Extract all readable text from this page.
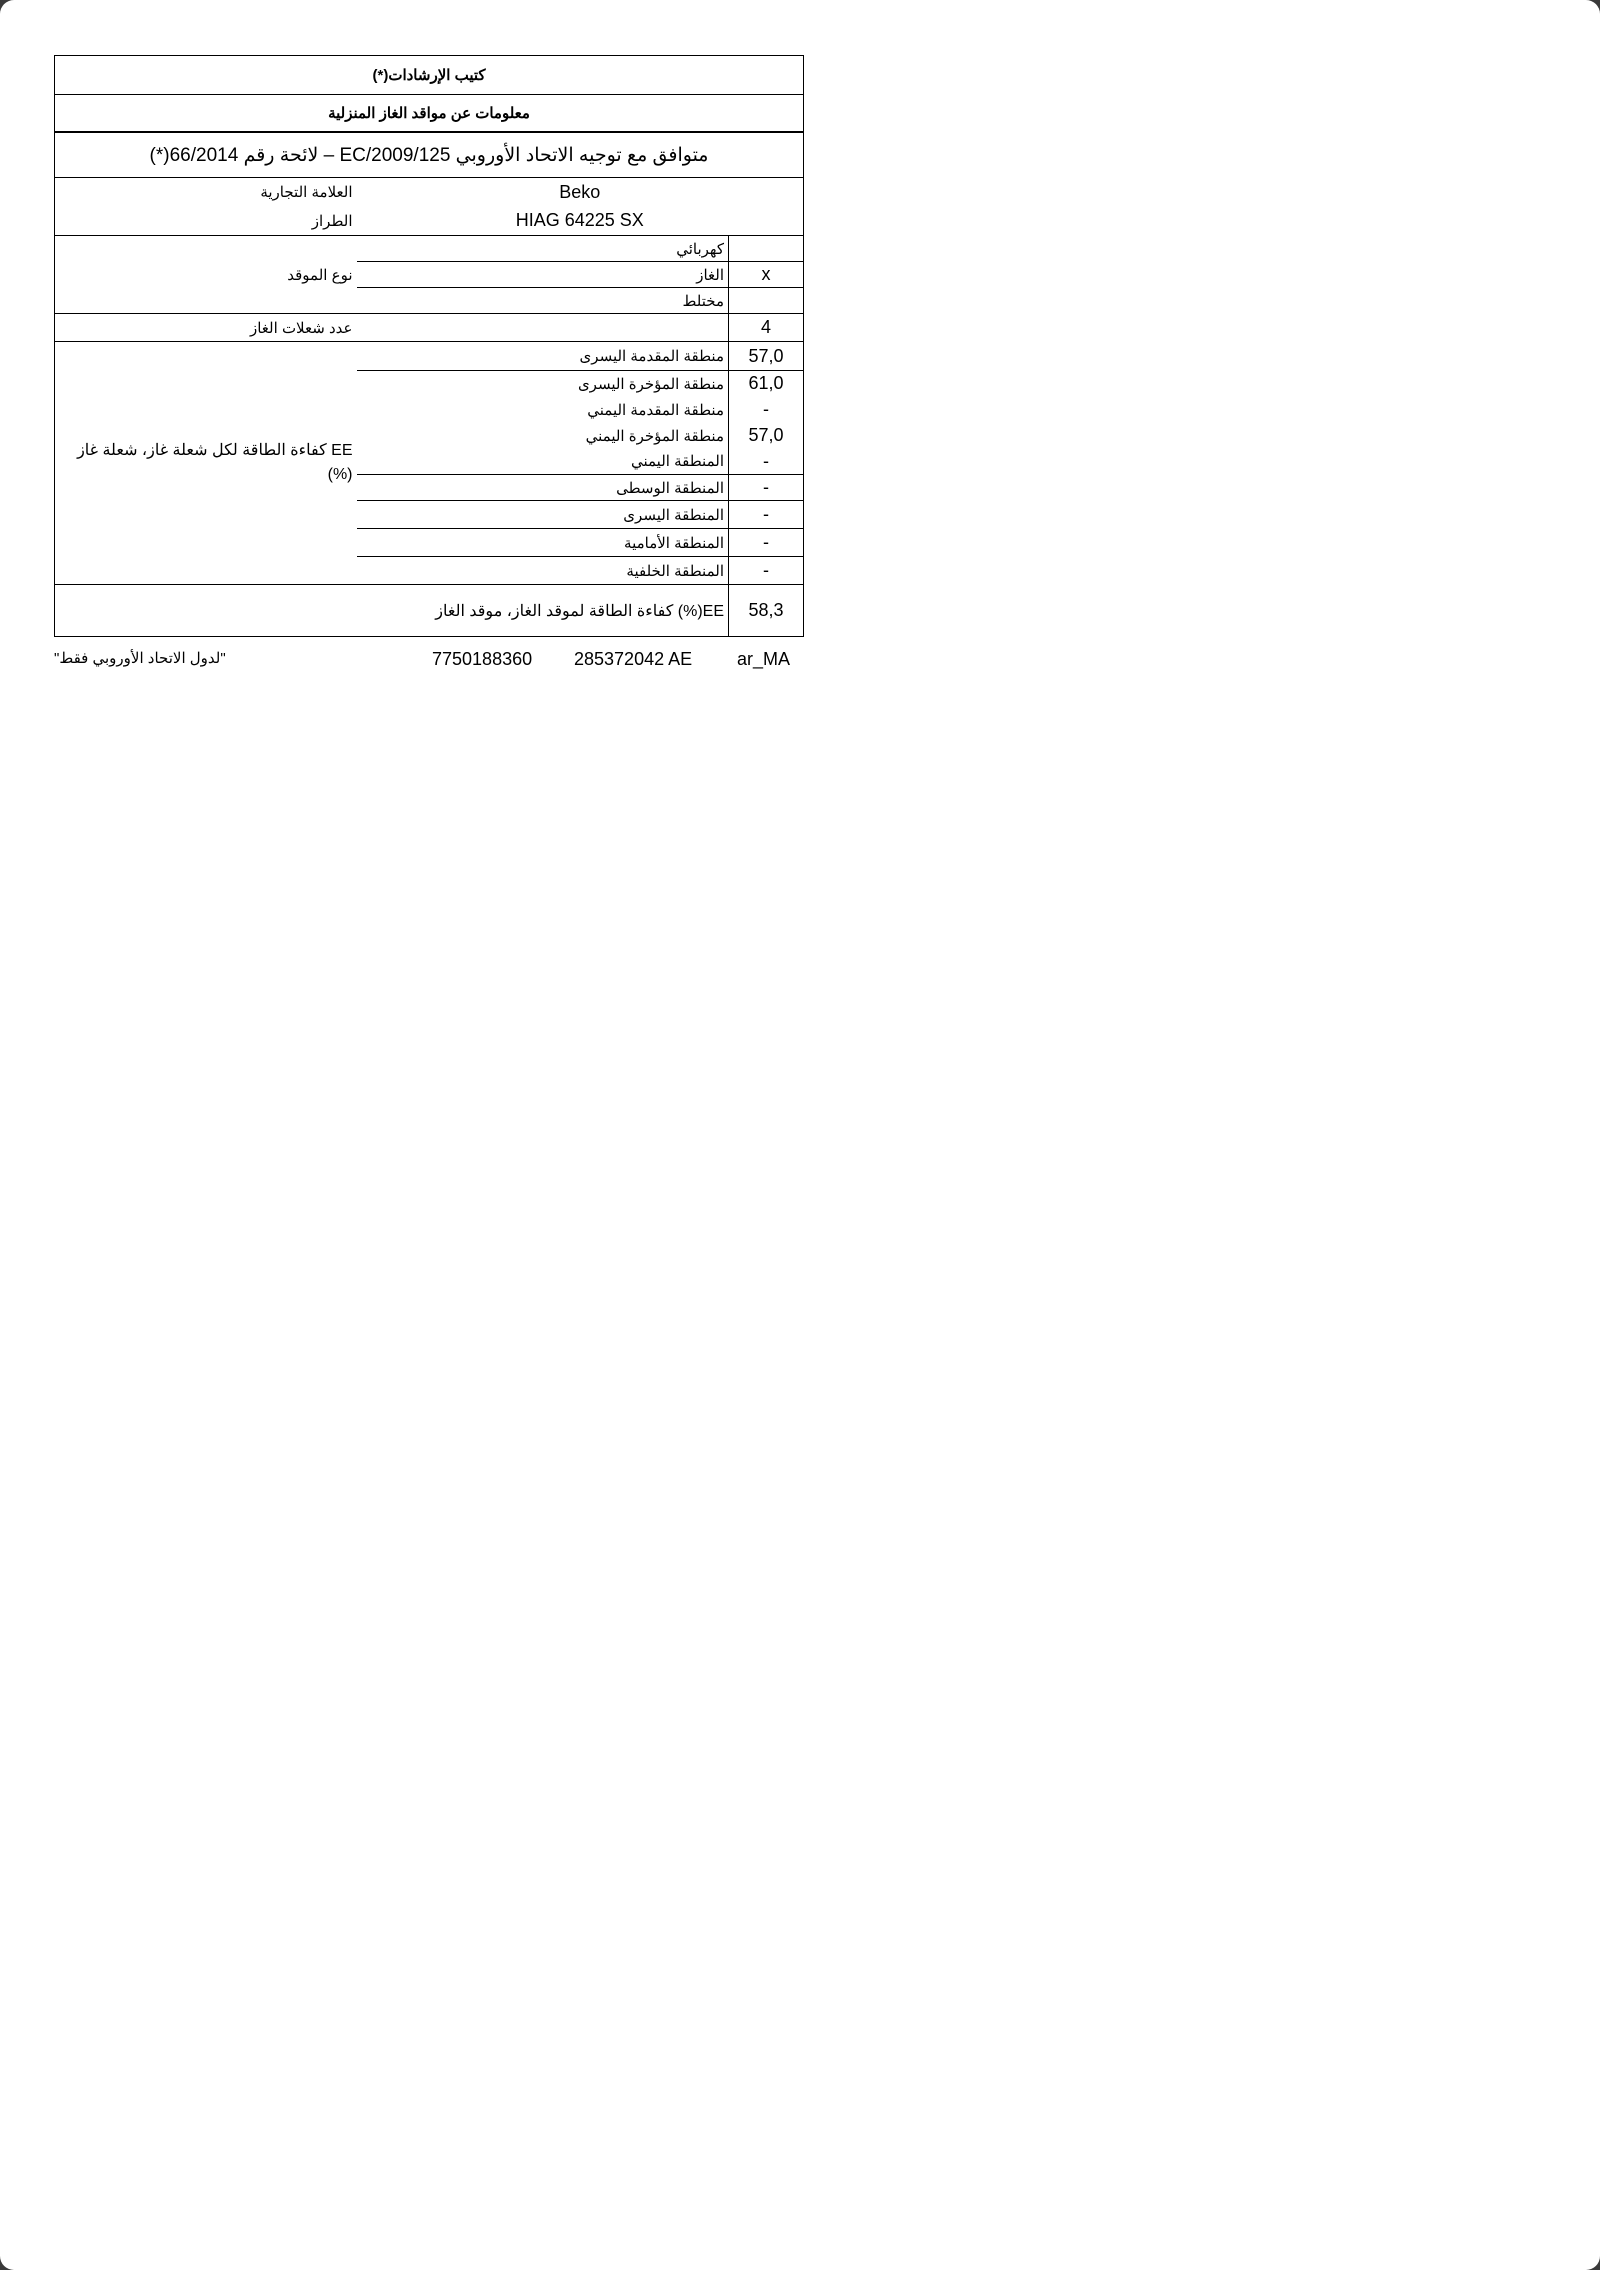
(*)كتيب الإرشادات		
معلومات عن مواقد الغاز المنزلية		
(*)لائحة رقم 66/2014 – EC/متوافق مع توجيه الاتحاد الأوروبي 2009/125		
العلامة التجارية	Beko	
الطراز	HIAG 64225 SX	
نوع الموقد	كهربائي	
	الغاز	x
	مختلط	
عدد شعلات الغاز		4
EE كفاءة الطاقة لكل شعلة غاز، شعلة غاز (%)	منطقة المقدمة اليسرى	57,0
	منطقة المؤخرة اليسرى	61,0
	منطقة المقدمة اليمني	-
	منطقة المؤخرة اليمني	57,0
	المنطقة اليمني	-
	المنطقة الوسطى	-
	المنطقة اليسرى	-
	المنطقة الأمامية	-
	المنطقة الخلفية	-
EE(%) كفاءة الطاقة لموقد الغاز، موقد الغاز		58,3
"لدول الاتحاد الأوروبي فقط"	7750188360 285372042 AE ar_MA
